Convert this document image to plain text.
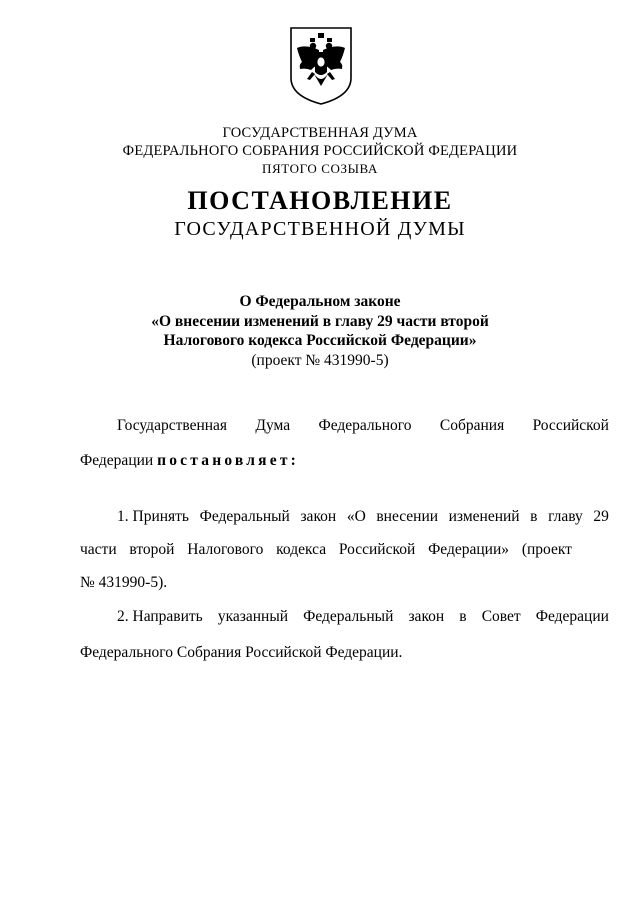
ГОСУДАРСТВЕННАЯ ДУМА
ФЕДЕРАЛЬНОГО СОБРАНИЯ РОССИЙСКОЙ ФЕДЕРАЦИИ
ПЯТОГО СОЗЫВА
ПОСТАНОВЛЕНИЕ
ГОСУДАРСТВЕННОЙ ДУМЫ
О Федеральном законе
«О внесении изменений в главу 29 части второй
Налогового кодекса Российской Федерации»
(проект № 431990-5)
Государственная Дума Федерального Собрания Российской
Федерации постановляет:
1. Принять Федеральный закон «О внесении изменений в главу 29
части второй Налогового кодекса Российской Федерации» (проект
№ 431990-5).
2. Направить указанный Федеральный закон в Совет Федерации
Федерального Собрания Российской Федерации.
